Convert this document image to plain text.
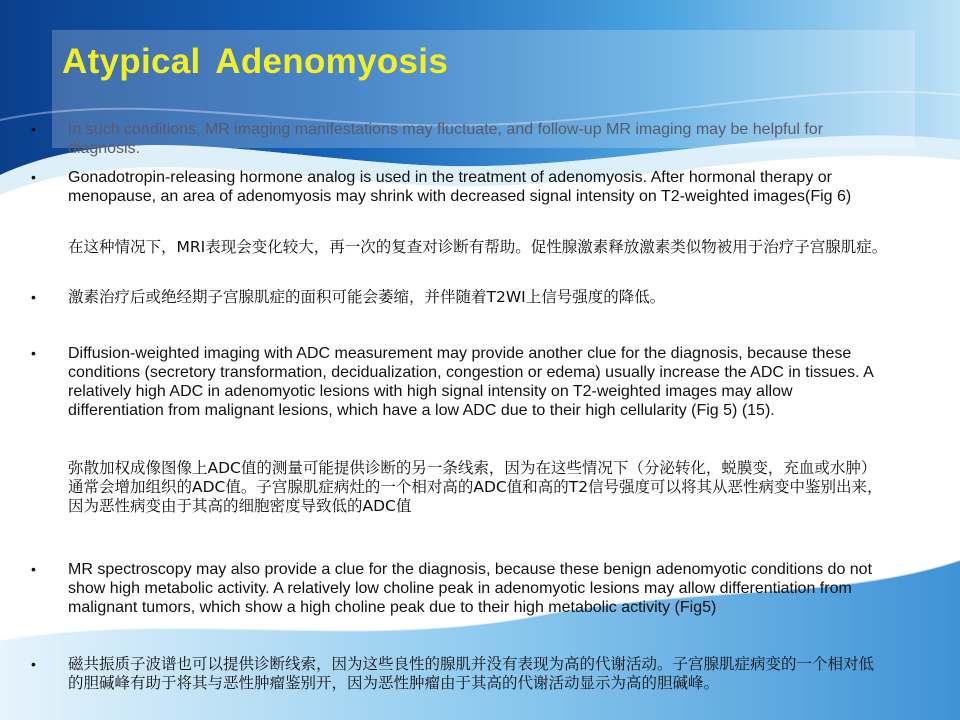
Atypical Adenomyosis
• In such conditions, MR imaging manifestations may fluctuate, and follow-up MR imaging may be helpful for diagnosis.
• Gonadotropin-releasing hormone analog is used in the treatment of adenomyosis. After hormonal therapy or menopause, an area of adenomyosis may shrink with decreased signal intensity on T2-weighted images(Fig 6)
在这种情况下，MRI表现会变化较大，再一次的复查对诊断有帮助。促性腺激素释放激素类似物被用于治疗子宫腺肌症。
• 激素治疗后或绝经期子宫腺肌症的面积可能会萎缩，并伴随着T2WI上信号强度的降低。
• Diffusion-weighted imaging with ADC measurement may provide another clue for the diagnosis, because these conditions (secretory transformation, decidualization, congestion or edema) usually increase the ADC in tissues. A relatively high ADC in adenomyotic lesions with high signal intensity on T2-weighted images may allow differentiation from malignant lesions, which have a low ADC due to their high cellularity (Fig 5) (15).
弥散加权成像图像上ADC值的测量可能提供诊断的另一条线索，因为在这些情况下（分泌转化，蜕膜变，充血或水肿）通常会增加组织的ADC值。子宫腺肌症病灶的一个相对高的ADC值和高的T2信号强度可以将其从恶性病变中鉴别出来，因为恶性病变由于其高的细胞密度导致低的ADC值
• MR spectroscopy may also provide a clue for the diagnosis, because these benign adenomyotic conditions do not show high metabolic activity. A relatively low choline peak in adenomyotic lesions may allow differentiation from malignant tumors, which show a high choline peak due to their high metabolic activity (Fig5)
• 磁共振质子波谱也可以提供诊断线索，因为这些良性的腺肌并没有表现为高的代谢活动。子宫腺肌症病变的一个相对低的胆碱峰有助于将其与恶性肿瘤鉴别开，因为恶性肿瘤由于其高的代谢活动显示为高的胆碱峰。
